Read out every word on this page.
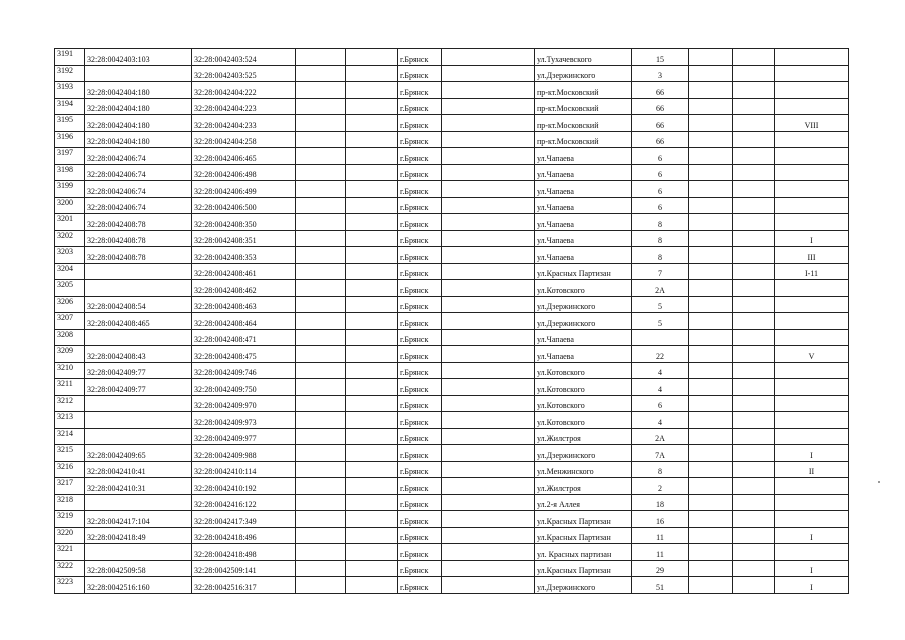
3191	32:28:0042403:103	32:28:0042403:524			г.Брянск		ул.Тухачевского	15			
3192		32:28:0042403:525			г.Брянск		ул.Дзержинского	3			
3193	32:28:0042404:180	32:28:0042404:222			г.Брянск		пр-кт.Московский	66			
3194	32:28:0042404:180	32:28:0042404:223			г.Брянск		пр-кт.Московский	66			
3195	32:28:0042404:180	32:28:0042404:233			г.Брянск		пр-кт.Московский	66			VIII
3196	32:28:0042404:180	32:28:0042404:258			г.Брянск		пр-кт.Московский	66			
3197	32:28:0042406:74	32:28:0042406:465			г.Брянск		ул.Чапаева	6			
3198	32:28:0042406:74	32:28:0042406:498			г.Брянск		ул.Чапаева	6			
3199	32:28:0042406:74	32:28:0042406:499			г.Брянск		ул.Чапаева	6			
3200	32:28:0042406:74	32:28:0042406:500			г.Брянск		ул.Чапаева	6			
3201	32:28:0042408:78	32:28:0042408:350			г.Брянск		ул.Чапаева	8			
3202	32:28:0042408:78	32:28:0042408:351			г.Брянск		ул.Чапаева	8			I
3203	32:28:0042408:78	32:28:0042408:353			г.Брянск		ул.Чапаева	8			III
3204		32:28:0042408:461			г.Брянск		ул.Красных Партизан	7			I-11
3205		32:28:0042408:462			г.Брянск		ул.Котовского	2А			
3206	32:28:0042408:54	32:28:0042408:463			г.Брянск		ул.Дзержинского	5			
3207	32:28:0042408:465	32:28:0042408:464			г.Брянск		ул.Дзержинского	5			
3208		32:28:0042408:471			г.Брянск		ул.Чапаева				
3209	32:28:0042408:43	32:28:0042408:475			г.Брянск		ул.Чапаева	22			V
3210	32:28:0042409:77	32:28:0042409:746			г.Брянск		ул.Котовского	4			
3211	32:28:0042409:77	32:28:0042409:750			г.Брянск		ул.Котовского	4			
3212		32:28:0042409:970			г.Брянск		ул.Котовского	6			
3213		32:28:0042409:973			г.Брянск		ул.Котовского	4			
3214		32:28:0042409:977			г.Брянск		ул.Жилстроя	2А			
3215	32:28:0042409:65	32:28:0042409:988			г.Брянск		ул.Дзержинского	7А			I
3216	32:28:0042410:41	32:28:0042410:114			г.Брянск		ул.Менжинского	8			II
3217	32:28:0042410:31	32:28:0042410:192			г.Брянск		ул.Жилстроя	2			
3218		32:28:0042416:122			г.Брянск		ул.2-я Аллея	18			
3219	32:28:0042417:104	32:28:0042417:349			г.Брянск		ул.Красных Партизан	16			
3220	32:28:0042418:49	32:28:0042418:496			г.Брянск		ул.Красных Партизан	11			I
3221		32:28:0042418:498			г.Брянск		ул. Красных партизан	11			
3222	32:28:0042509:58	32:28:0042509:141			г.Брянск		ул.Красных Партизан	29			I
3223	32:28:0042516:160	32:28:0042516:317			г.Брянск		ул.Дзержинского	51			I
